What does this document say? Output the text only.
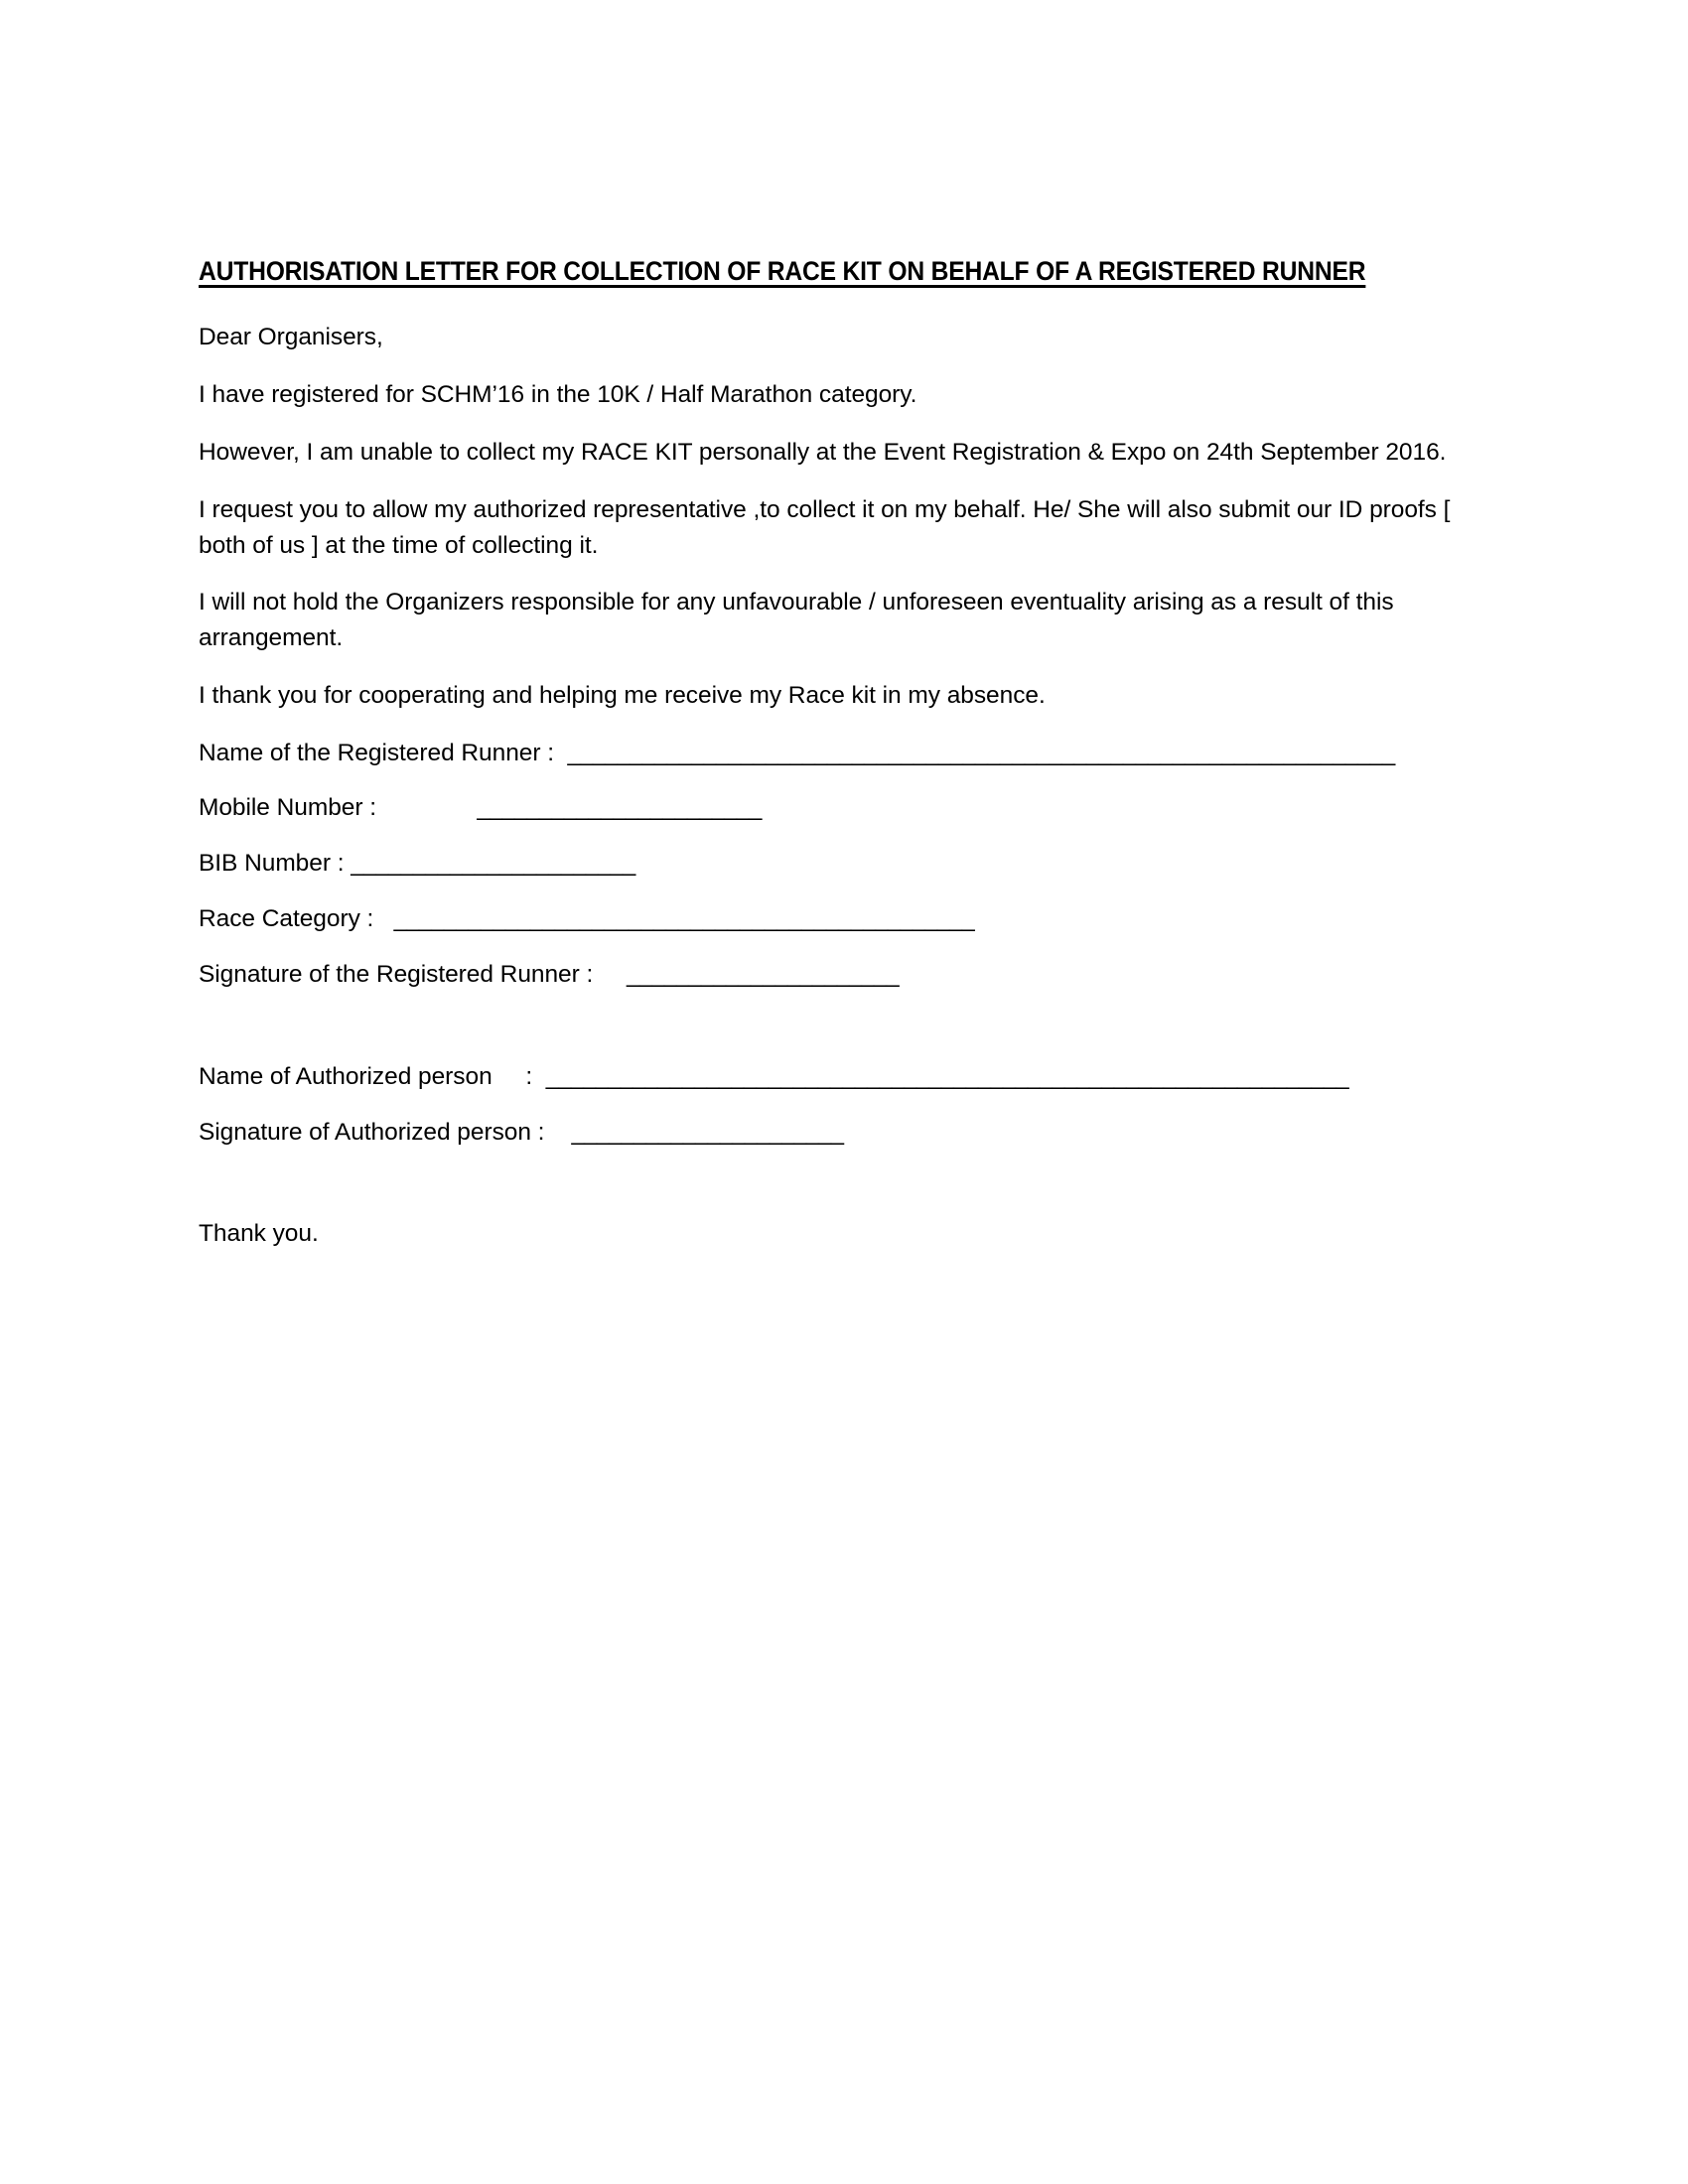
AUTHORISATION LETTER FOR COLLECTION OF RACE KIT ON BEHALF OF A REGISTERED RUNNER

Dear Organisers,

I have registered for SCHM’16 in the 10K / Half Marathon category.

However, I am unable to collect my RACE KIT personally at the Event Registration & Expo on 24th September 2016.

I request you to allow my authorized representative ,to collect it on my behalf. He/ She will also submit our ID proofs [ both of us ] at the time of collecting it.

I will not hold the Organizers responsible for any unfavourable / unforeseen eventuality arising as a result of this arrangement.

I thank you for cooperating and helping me receive my Race kit in my absence.

Name of the Registered Runner :  ___________________________________________________________________
Mobile Number :               _______________________
BIB Number : _______________________
Race Category :   _______________________________________________
Signature of the Registered Runner :     ______________________
Name of Authorized person     :  _________________________________________________________________
Signature of Authorized person :    ______________________

Thank you.
